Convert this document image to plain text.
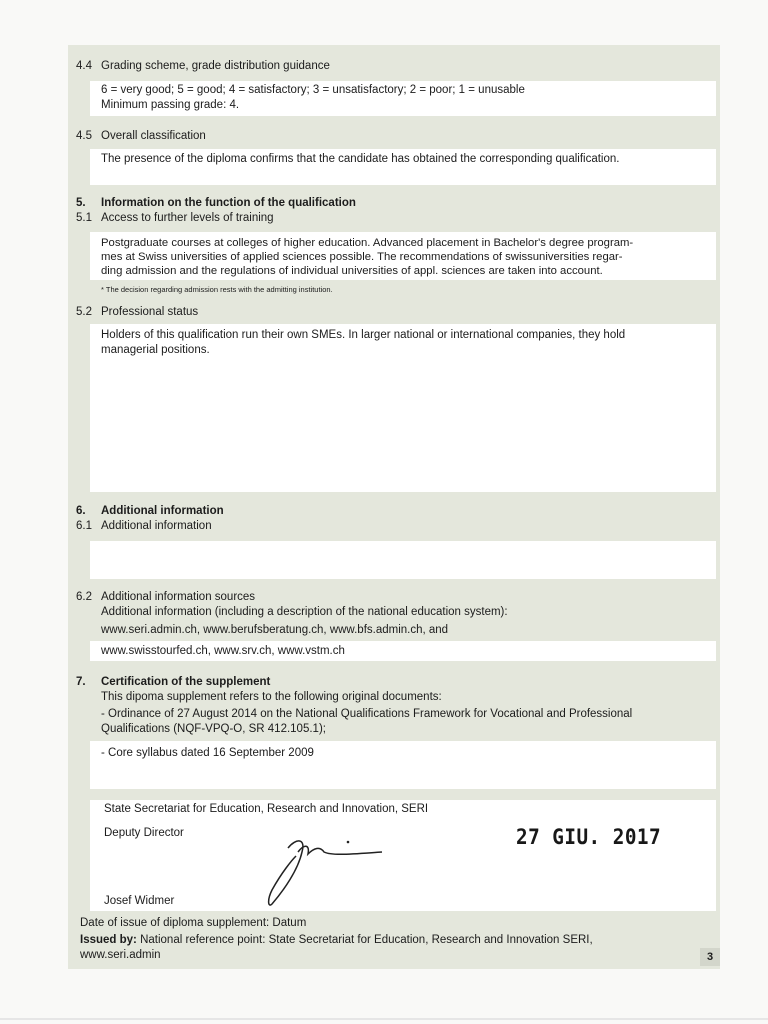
4.4 Grading scheme, grade distribution guidance
6 = very good; 5 = good; 4 = satisfactory; 3 = unsatisfactory; 2 = poor; 1 = unusable
Minimum passing grade: 4.
4.5 Overall classification
The presence of the diploma confirms that the candidate has obtained the corresponding qualification.
5. Information on the function of the qualification
5.1 Access to further levels of training
Postgraduate courses at colleges of higher education. Advanced placement in Bachelor's degree program-
mes at Swiss universities of applied sciences possible. The recommendations of swissuniversities regar-
ding admission and the regulations of individual universities of appl. sciences are taken into account.
* The decision regarding admission rests with the admitting institution.
5.2 Professional status
Holders of this qualification run their own SMEs. In larger national or international companies, they hold
managerial positions.
6. Additional information
6.1 Additional information
6.2 Additional information sources
Additional information (including a description of the national education system):
www.seri.admin.ch, www.berufsberatung.ch, www.bfs.admin.ch, and
www.swisstourfed.ch, www.srv.ch, www.vstm.ch
7. Certification of the supplement
This dipoma supplement refers to the following original documents:
- Ordinance of 27 August 2014 on the National Qualifications Framework for Vocational and Professional
Qualifications (NQF-VPQ-O, SR 412.105.1);
- Core syllabus dated 16 September 2009
State Secretariat for Education, Research and Innovation, SERI
Deputy Director
Josef Widmer
27 GIU. 2017
Date of issue of diploma supplement: Datum
Issued by: National reference point: State Secretariat for Education, Research and Innovation SERI,
www.seri.admin	3
